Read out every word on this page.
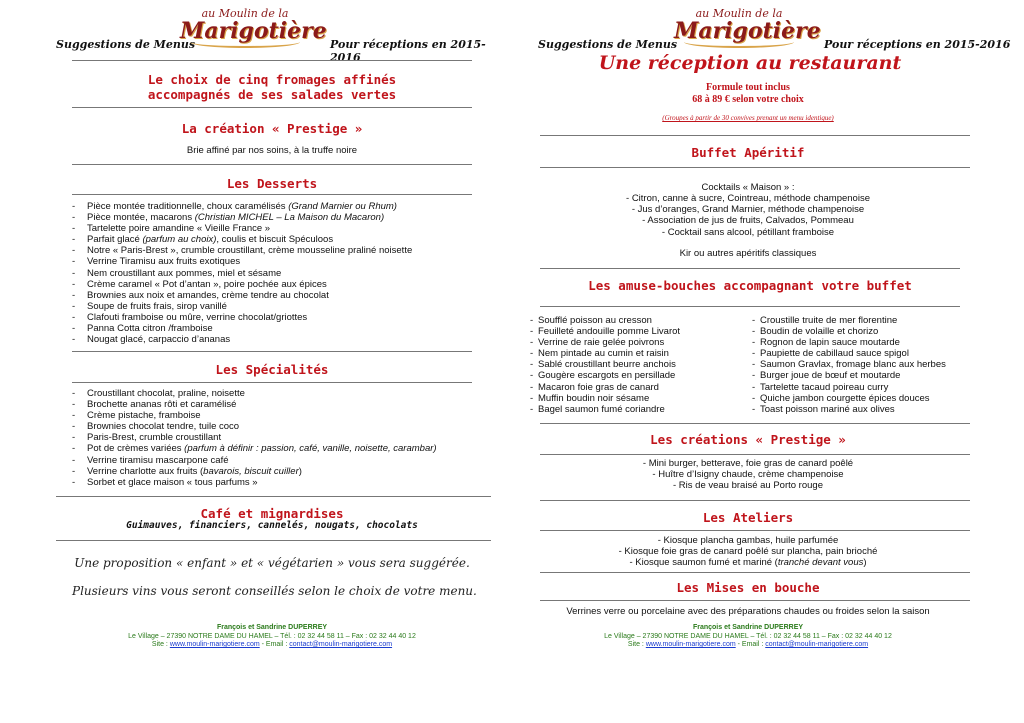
Suggestions de Menus
au Moulin de la
Marigotière
Pour réceptions en 2015-2016
Le choix de cinq fromages affinés
accompagnés de ses salades vertes
La création « Prestige »
Brie affiné par nos soins, à la truffe noire
Les Desserts
- Pièce montée traditionnelle, choux caramélisés (Grand Marnier ou Rhum)
- Pièce montée, macarons (Christian MICHEL – La Maison du Macaron)
- Tartelette poire amandine « Vieille France »
- Parfait glacé (parfum au choix), coulis et biscuit Spéculoos
- Notre « Paris-Brest », crumble croustillant, crème mousseline praliné noisette
- Verrine Tiramisu aux fruits exotiques
- Nem croustillant aux pommes, miel et sésame
- Crème caramel « Pot d’antan », poire pochée aux épices
- Brownies aux noix et amandes, crème tendre au chocolat
- Soupe de fruits frais, sirop vanillé
- Clafouti framboise ou mûre, verrine chocolat/griottes
- Panna Cotta citron /framboise
- Nougat glacé, carpaccio d’ananas
Les Spécialités
- Croustillant chocolat, praline, noisette
- Brochette ananas rôti et caramélisé
- Crème pistache, framboise
- Brownies chocolat tendre, tuile coco
- Paris-Brest, crumble croustillant
- Pot de crèmes variées (parfum à définir : passion, café, vanille, noisette, carambar)
- Verrine tiramisu mascarpone café
- Verrine charlotte aux fruits (bavarois, biscuit cuiller)
- Sorbet et glace maison « tous parfums »
Café et mignardises
Guimauves, financiers, cannelés, nougats, chocolats
Une proposition « enfant » et « végétarien » vous sera suggérée.
Plusieurs vins vous seront conseillés selon le choix de votre menu.
François et Sandrine DUPERREY
Le Village – 27390 NOTRE DAME DU HAMEL – Tél. : 02 32 44 58 11 – Fax : 02 32 44 40 12
Site : www.moulin-marigotiere.com - Email : contact@moulin-marigotiere.com
Suggestions de Menus
au Moulin de la
Marigotière
Pour réceptions en 2015-2016
Une réception au restaurant
Formule tout inclus
68 à 89 € selon votre choix
(Groupes à partir de 30 convives prenant un menu identique)
Buffet Apéritif
Cocktails « Maison » :
- Citron, canne à sucre, Cointreau, méthode champenoise
- Jus d’oranges, Grand Marnier, méthode champenoise
- Association de jus de fruits, Calvados, Pommeau
- Cocktail sans alcool, pétillant framboise
Kir ou autres apéritifs classiques
Les amuse-bouches accompagnant votre buffet
- Soufflé poisson au cresson
- Feuilleté andouille pomme Livarot
- Verrine de raie gelée poivrons
- Nem pintade au cumin et raisin
- Sablé croustillant beurre anchois
- Gougère escargots en persillade
- Macaron foie gras de canard
- Muffin boudin noir sésame
- Bagel saumon fumé coriandre
- Croustille truite de mer florentine
- Boudin de volaille et chorizo
- Rognon de lapin sauce moutarde
- Paupiette de cabillaud sauce spigol
- Saumon Gravlax, fromage blanc aux herbes
- Burger joue de bœuf et moutarde
- Tartelette tacaud poireau curry
- Quiche jambon courgette épices douces
- Toast poisson mariné aux olives
Les créations « Prestige »
- Mini burger, betterave, foie gras de canard poêlé
- Huître d’Isigny chaude, crème champenoise
- Ris de veau braisé au Porto rouge
Les Ateliers
- Kiosque plancha gambas, huile parfumée
- Kiosque foie gras de canard poêlé sur plancha, pain brioché
- Kiosque saumon fumé et mariné (tranché devant vous)
Les Mises en bouche
Verrines verre ou porcelaine avec des préparations chaudes ou froides selon la saison
François et Sandrine DUPERREY
Le Village – 27390 NOTRE DAME DU HAMEL – Tél. : 02 32 44 58 11 – Fax : 02 32 44 40 12
Site : www.moulin-marigotiere.com - Email : contact@moulin-marigotiere.com
